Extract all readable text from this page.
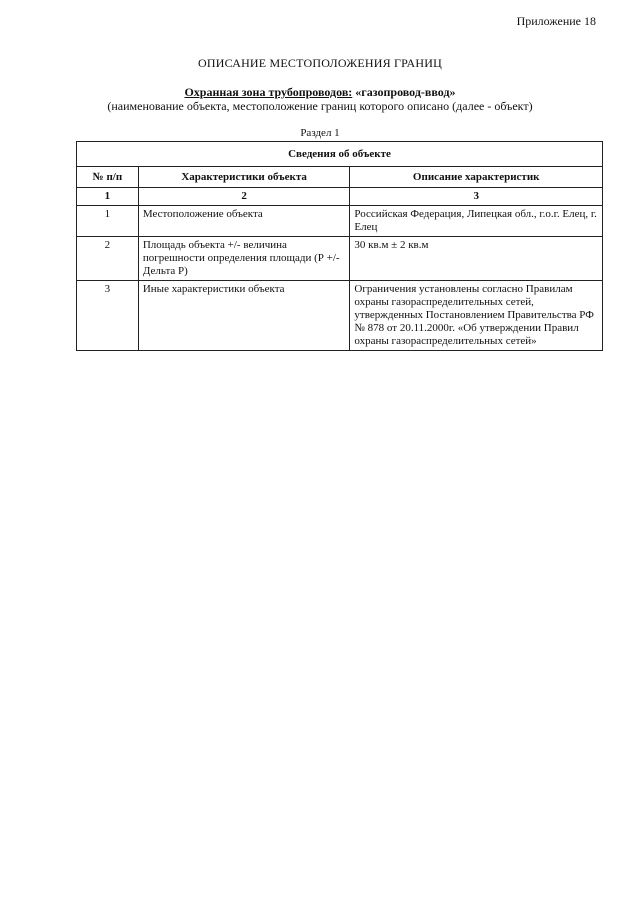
Приложение 18
ОПИСАНИЕ МЕСТОПОЛОЖЕНИЯ ГРАНИЦ
Охранная зона трубопроводов: «газопровод-ввод»
(наименование объекта, местоположение границ которого описано (далее - объект)
Раздел 1
Сведения об объекте		
№ п/п	Характеристики объекта	Описание характеристик
1	2	3
1	Местоположение объекта	Российская Федерация, Липецкая обл., г.о.г. Елец, г. Елец
2	Площадь объекта +/- величина погрешности определения площади (Р +/- Дельта Р)	30 кв.м ± 2 кв.м
3	Иные характеристики объекта	Ограничения установлены согласно Правилам охраны газораспределительных сетей, утвержденных Постановлением Правительства РФ № 878 от 20.11.2000г. «Об утверждении Правил охраны газораспределительных сетей»
